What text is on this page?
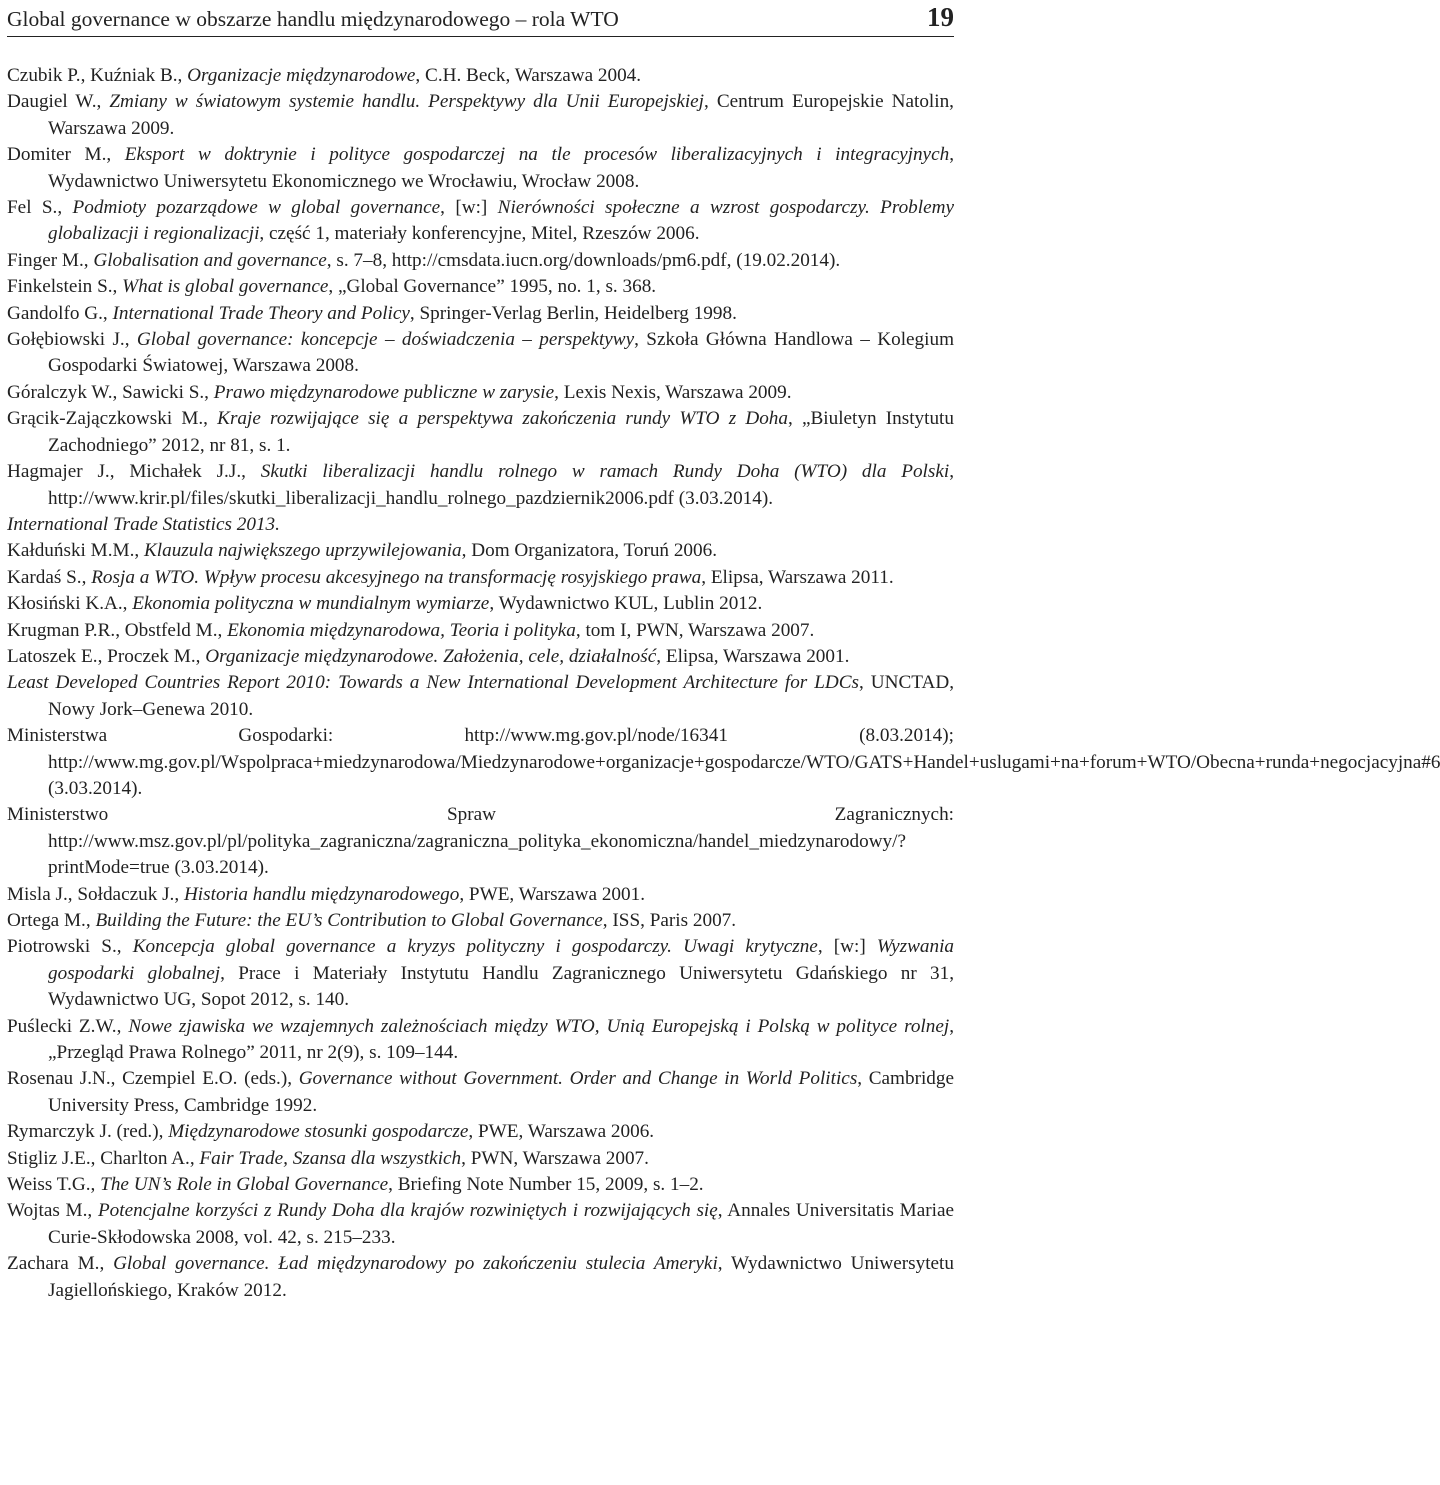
Global governance w obszarze handlu międzynarodowego – rola WTO	19
Czubik P., Kuźniak B., Organizacje międzynarodowe, C.H. Beck, Warszawa 2004.
Daugiel W., Zmiany w światowym systemie handlu. Perspektywy dla Unii Europejskiej, Centrum Europejskie Natolin, Warszawa 2009.
Domiter M., Eksport w doktrynie i polityce gospodarczej na tle procesów liberalizacyjnych i integracyjnych, Wydawnictwo Uniwersytetu Ekonomicznego we Wrocławiu, Wrocław 2008.
Fel S., Podmioty pozarządowe w global governance, [w:] Nierówności społeczne a wzrost gospodarczy. Problemy globalizacji i regionalizacji, część 1, materiały konferencyjne, Mitel, Rzeszów 2006.
Finger M., Globalisation and governance, s. 7–8, http://cmsdata.iucn.org/downloads/pm6.pdf, (19.02.2014).
Finkelstein S., What is global governance, „Global Governance” 1995, no. 1, s. 368.
Gandolfo G., International Trade Theory and Policy, Springer-Verlag Berlin, Heidelberg 1998.
Gołębiowski J., Global governance: koncepcje – doświadczenia – perspektywy, Szkoła Główna Handlowa – Kolegium Gospodarki Światowej, Warszawa 2008.
Góralczyk W., Sawicki S., Prawo międzynarodowe publiczne w zarysie, Lexis Nexis, Warszawa 2009.
Grącik-Zajączkowski M., Kraje rozwijające się a perspektywa zakończenia rundy WTO z Doha, „Biuletyn Instytutu Zachodniego” 2012, nr 81, s. 1.
Hagmajer J., Michałek J.J., Skutki liberalizacji handlu rolnego w ramach Rundy Doha (WTO) dla Polski, http://www.krir.pl/files/skutki_liberalizacji_handlu_rolnego_pazdziernik2006.pdf (3.03.2014).
International Trade Statistics 2013.
Kałduński M.M., Klauzula największego uprzywilejowania, Dom Organizatora, Toruń 2006.
Kardaś S., Rosja a WTO. Wpływ procesu akcesyjnego na transformację rosyjskiego prawa, Elipsa, Warszawa 2011.
Kłosiński K.A., Ekonomia polityczna w mundialnym wymiarze, Wydawnictwo KUL, Lublin 2012.
Krugman P.R., Obstfeld M., Ekonomia międzynarodowa, Teoria i polityka, tom I, PWN, Warszawa 2007.
Latoszek E., Proczek M., Organizacje międzynarodowe. Założenia, cele, działalność, Elipsa, Warszawa 2001.
Least Developed Countries Report 2010: Towards a New International Development Architecture for LDCs, UNCTAD, Nowy Jork–Genewa 2010.
Ministerstwa Gospodarki: http://www.mg.gov.pl/node/16341 (8.03.2014); http://www.mg.gov.pl/Wspolpraca+miedzynarodowa/Miedzynarodowe+organizacje+gospodarcze/WTO/GATS+Handel+uslugami+na+forum+WTO/Obecna+runda+negocjacyjna#6 (3.03.2014).
Ministerstwo Spraw Zagranicznych: http://www.msz.gov.pl/pl/polityka_zagraniczna/zagraniczna_polityka_ekonomiczna/handel_miedzynarodowy/?printMode=true (3.03.2014).
Misla J., Sołdaczuk J., Historia handlu międzynarodowego, PWE, Warszawa 2001.
Ortega M., Building the Future: the EU’s Contribution to Global Governance, ISS, Paris 2007.
Piotrowski S., Koncepcja global governance a kryzys polityczny i gospodarczy. Uwagi krytyczne, [w:] Wyzwania gospodarki globalnej, Prace i Materiały Instytutu Handlu Zagranicznego Uniwersytetu Gdańskiego nr 31, Wydawnictwo UG, Sopot 2012, s. 140.
Puślecki Z.W., Nowe zjawiska we wzajemnych zależnościach między WTO, Unią Europejską i Polską w polityce rolnej, „Przegląd Prawa Rolnego” 2011, nr 2(9), s. 109–144.
Rosenau J.N., Czempiel E.O. (eds.), Governance without Government. Order and Change in World Politics, Cambridge University Press, Cambridge 1992.
Rymarczyk J. (red.), Międzynarodowe stosunki gospodarcze, PWE, Warszawa 2006.
Stigliz J.E., Charlton A., Fair Trade, Szansa dla wszystkich, PWN, Warszawa 2007.
Weiss T.G., The UN’s Role in Global Governance, Briefing Note Number 15, 2009, s. 1–2.
Wojtas M., Potencjalne korzyści z Rundy Doha dla krajów rozwiniętych i rozwijających się, Annales Universitatis Mariae Curie-Skłodowska 2008, vol. 42, s. 215–233.
Zachara M., Global governance. Ład międzynarodowy po zakończeniu stulecia Ameryki, Wydawnictwo Uniwersytetu Jagiellońskiego, Kraków 2012.
